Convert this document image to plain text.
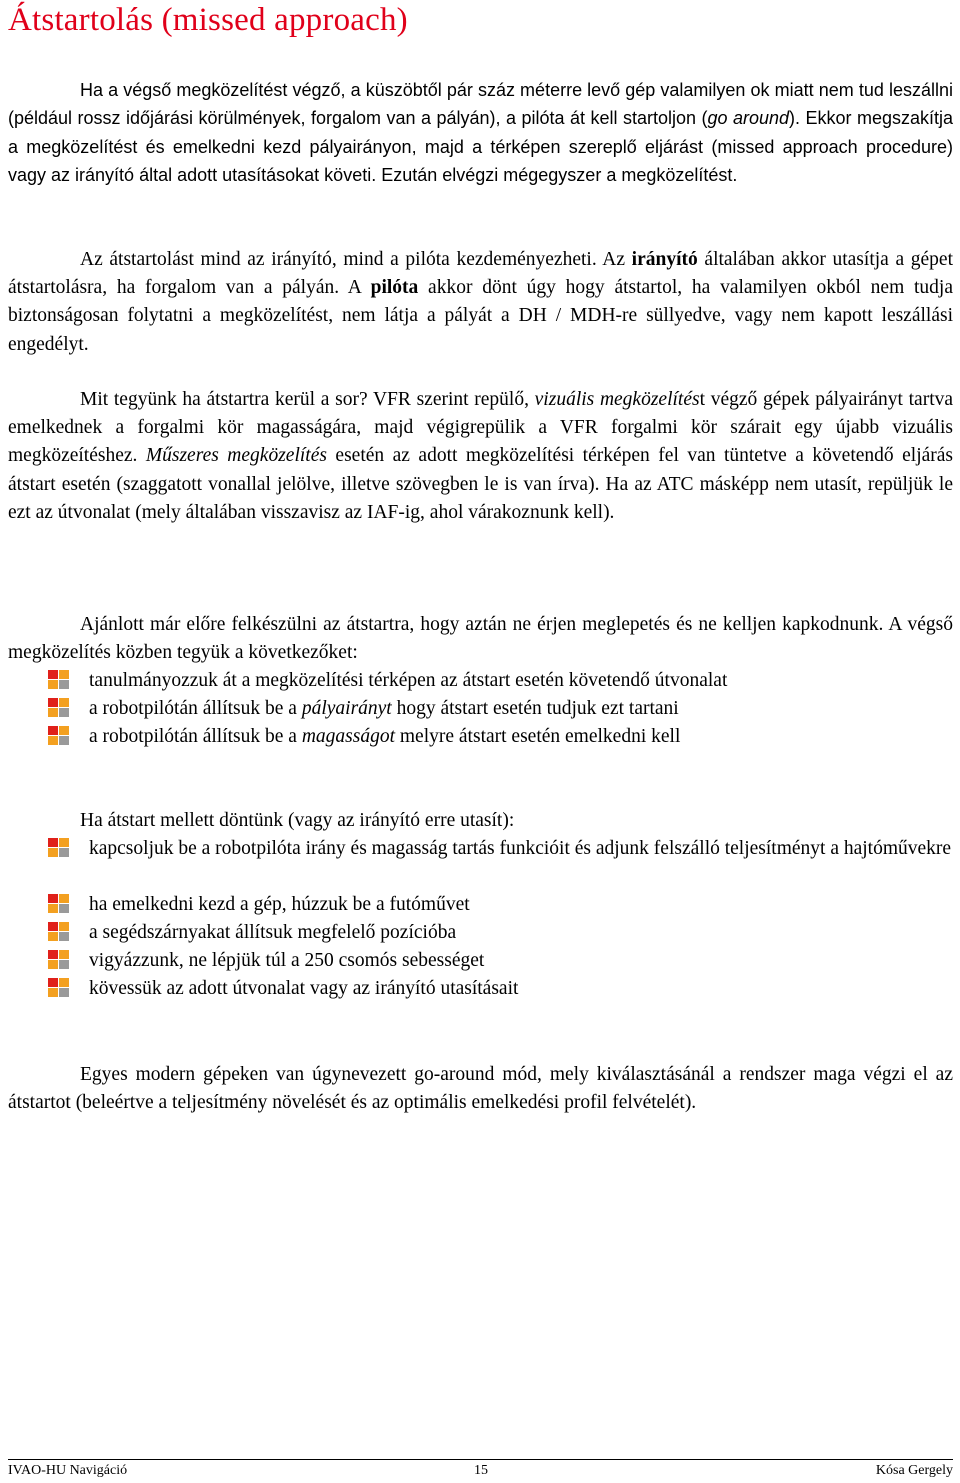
Átstartolás (missed approach)

Ha a végső megközelítést végző, a küszöbtől pár száz méterre levő gép valamilyen ok miatt nem tud leszállni (például rossz időjárási körülmények, forgalom van a pályán), a pilóta át kell startoljon (go around). Ekkor megszakítja a megközelítést és emelkedni kezd pályairányon, majd a térképen szereplő eljárást (missed approach procedure) vagy az irányító által adott utasításokat követi. Ezután elvégzi mégegyszer a megközelítést.

Az átstartolást mind az irányító, mind a pilóta kezdeményezheti. Az irányító általában akkor utasítja a gépet átstartolásra, ha forgalom van a pályán. A pilóta akkor dönt úgy hogy átstartol, ha valamilyen okból nem tudja biztonságosan folytatni a megközelítést, nem látja a pályát a DH / MDH-re süllyedve, vagy nem kapott leszállási engedélyt.

Mit tegyünk ha átstartra kerül a sor? VFR szerint repülő, vizuális megközelítést végző gépek pályairányt tartva emelkednek a forgalmi kör magasságára, majd végigrepülik a VFR forgalmi kör szárait egy újabb vizuális megközeítéshez. Műszeres megközelítés esetén az adott megközelítési térképen fel van tüntetve a követendő eljárás átstart esetén (szaggatott vonallal jelölve, illetve szövegben le is van írva). Ha az ATC másképp nem utasít, repüljük le ezt az útvonalat (mely általában visszavisz az IAF-ig, ahol várakoznunk kell).

Ajánlott már előre felkészülni az átstartra, hogy aztán ne érjen meglepetés és ne kelljen kapkodnunk. A végső megközelítés közben tegyük a következőket:

tanulmányozzuk át a megközelítési térképen az átstart esetén követendő útvonalat
a robotpilótán állítsuk be a pályairányt hogy átstart esetén tudjuk ezt tartani
a robotpilótán állítsuk be a magasságot melyre átstart esetén emelkedni kell

Ha átstart mellett döntünk (vagy az irányító erre utasít):

kapcsoljuk be a robotpilóta irány és magasság tartás funkcióit és adjunk felszálló teljesítményt a hajtóművekre
ha emelkedni kezd a gép, húzzuk be a futóművet
a segédszárnyakat állítsuk megfelelő pozícióba
vigyázzunk, ne lépjük túl a 250 csomós sebességet
kövessük az adott útvonalat vagy az irányító utasításait

Egyes modern gépeken van úgynevezett go-around mód, mely kiválasztásánál a rendszer maga végzi el az átstartot (beleértve a teljesítmény növelését és az optimális emelkedési profil felvételét).

IVAO-HU Navigáció	15	Kósa Gergely
